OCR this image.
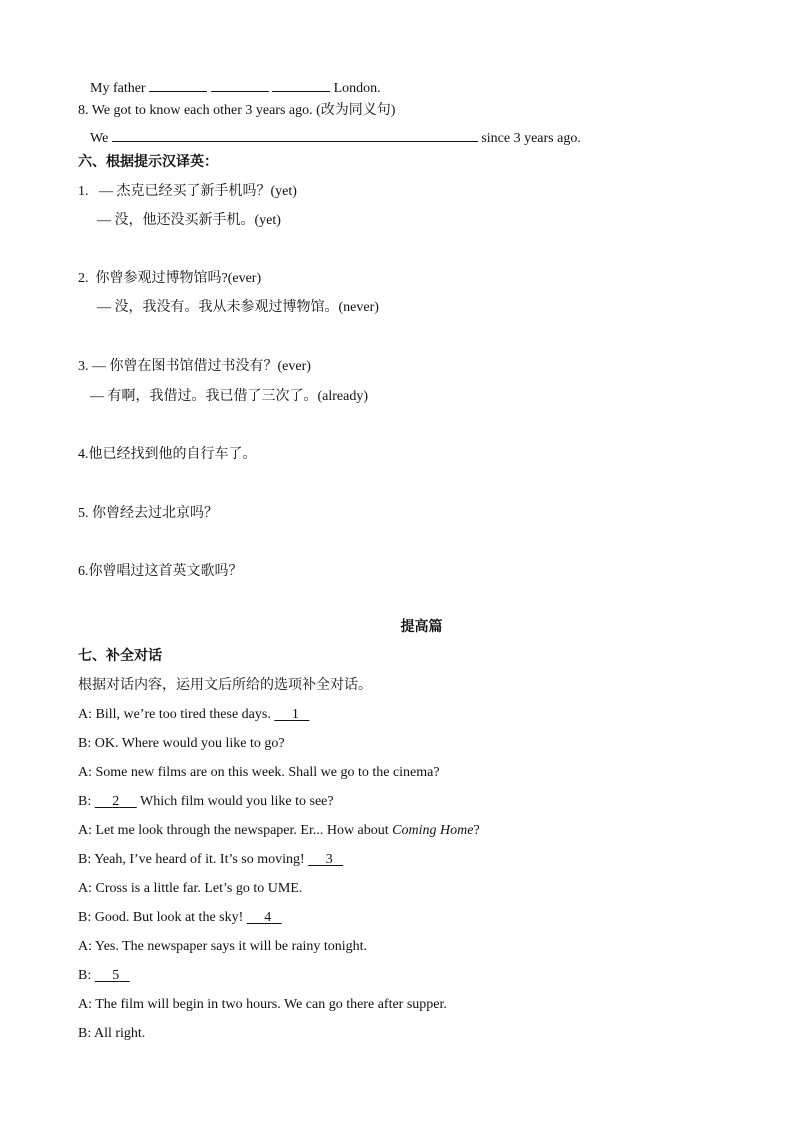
My father	London.
8. We got to know each other 3 years ago. (改为同义句)
We	since 3 years ago.
六、根据提示汉译英：
1. — 杰克已经买了新手机吗？(yet)
— 没，他还没买新手机。(yet)
2. 你曾参观过博物馆吗?(ever)
— 没，我没有。我从未参观过博物馆。(never)
3. — 你曾在图书馆借过书没有？(ever)
— 有啊，我借过。我已借了三次了。(already)
4.他已经找到他的自行车了。
5. 你曾经去过北京吗？
6.你曾唱过这首英文歌吗？
提高篇
七、补全对话
根据对话内容，运用文后所给的选项补全对话。
A: Bill, we’re too tired these days.      1
B: OK. Where would you like to go?
A: Some new films are on this week. Shall we go to the cinema?
B:      2      Which film would you like to see?
A: Let me look through the newspaper. Er... How about Coming Home?
B: Yeah, I’ve heard of it. It’s so moving!      3
A: Cross is a little far. Let’s go to UME.
B: Good. But look at the sky!      4
A: Yes. The newspaper says it will be rainy tonight.
B:      5
A: The film will begin in two hours. We can go there after supper.
B: All right.
